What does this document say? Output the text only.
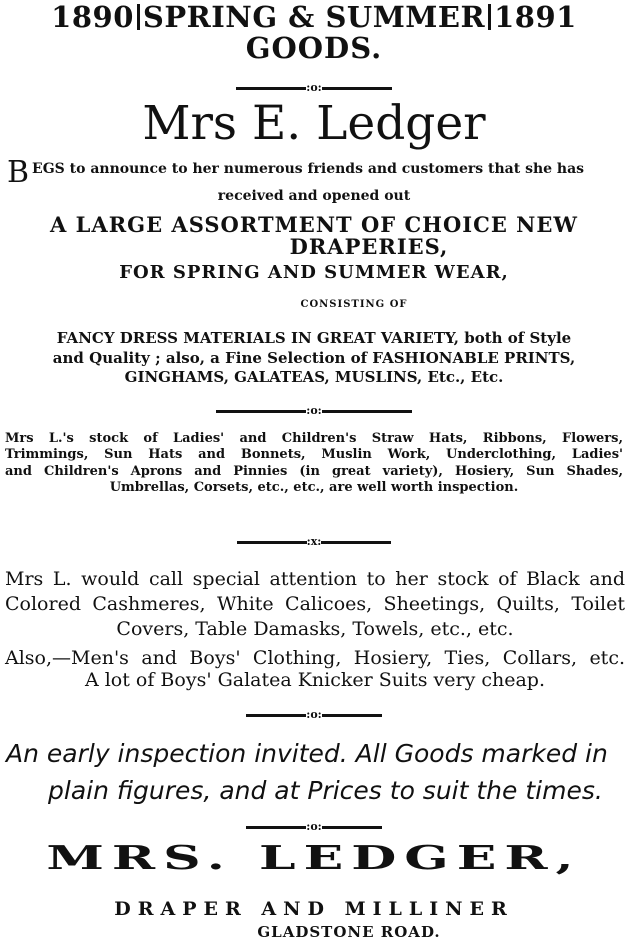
1890 SPRING & SUMMER 1891
GOODS.
:o:
Mrs E. Ledger
BEGS to announce to her numerous friends and customers that she has
received and opened out
A LARGE ASSORTMENT OF CHOICE NEW
DRAPERIES,
FOR SPRING AND SUMMER WEAR,
CONSISTING OF
FANCY DRESS MATERIALS IN GREAT VARIETY, both of Style
and Quality ; also, a Fine Selection of FASHIONABLE PRINTS,
GINGHAMS, GALATEAS, MUSLINS, Etc., Etc.
:o:
Mrs L.'s stock of Ladies' and Children's Straw Hats, Ribbons, Flowers,
Trimmings, Sun Hats and Bonnets, Muslin Work, Underclothing, Ladies'
and Children's Aprons and Pinnies (in great variety), Hosiery, Sun Shades,
Umbrellas, Corsets, etc., etc., are well worth inspection.
:x:
Mrs L. would call special attention to her stock of Black and
Colored Cashmeres, White Calicoes, Sheetings, Quilts, Toilet
Covers, Table Damasks, Towels, etc., etc.
Also,—Men's and Boys' Clothing, Hosiery, Ties, Collars, etc.
A lot of Boys' Galatea Knicker Suits very cheap.
:o:
An early inspection invited. All Goods marked in
plain figures, and at Prices to suit the times.
:o:
MRS. LEDGER,
DRAPER AND MILLINER
GLADSTONE ROAD.
